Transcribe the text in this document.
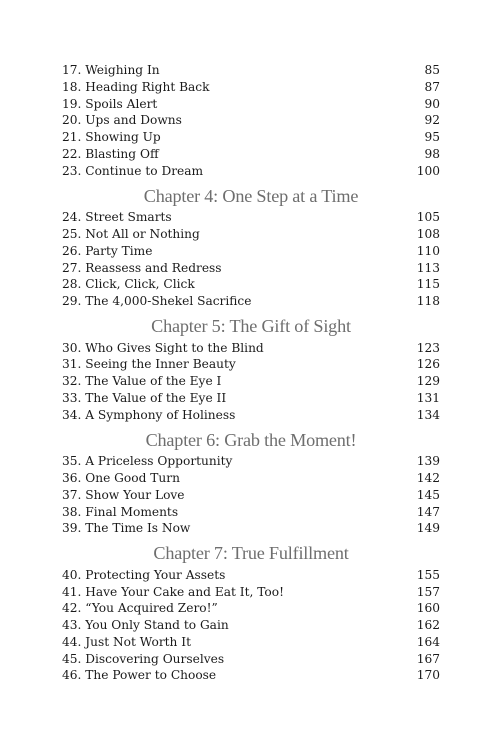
17. Weighing In	85
18. Heading Right Back	87
19. Spoils Alert	90
20. Ups and Downs	92
21. Showing Up	95
22. Blasting Off	98
23. Continue to Dream	100
Chapter 4: One Step at a Time
24. Street Smarts	105
25. Not All or Nothing	108
26. Party Time	110
27. Reassess and Redress	113
28. Click, Click, Click	115
29. The 4,000-Shekel Sacrifice	118
Chapter 5: The Gift of Sight
30. Who Gives Sight to the Blind	123
31. Seeing the Inner Beauty	126
32. The Value of the Eye I	129
33. The Value of the Eye II	131
34. A Symphony of Holiness	134
Chapter 6: Grab the Moment!
35. A Priceless Opportunity	139
36. One Good Turn	142
37. Show Your Love	145
38. Final Moments	147
39. The Time Is Now	149
Chapter 7: True Fulfillment
40. Protecting Your Assets	155
41. Have Your Cake and Eat It, Too!	157
42. “You Acquired Zero!”	160
43. You Only Stand to Gain	162
44. Just Not Worth It	164
45. Discovering Ourselves	167
46. The Power to Choose	170
